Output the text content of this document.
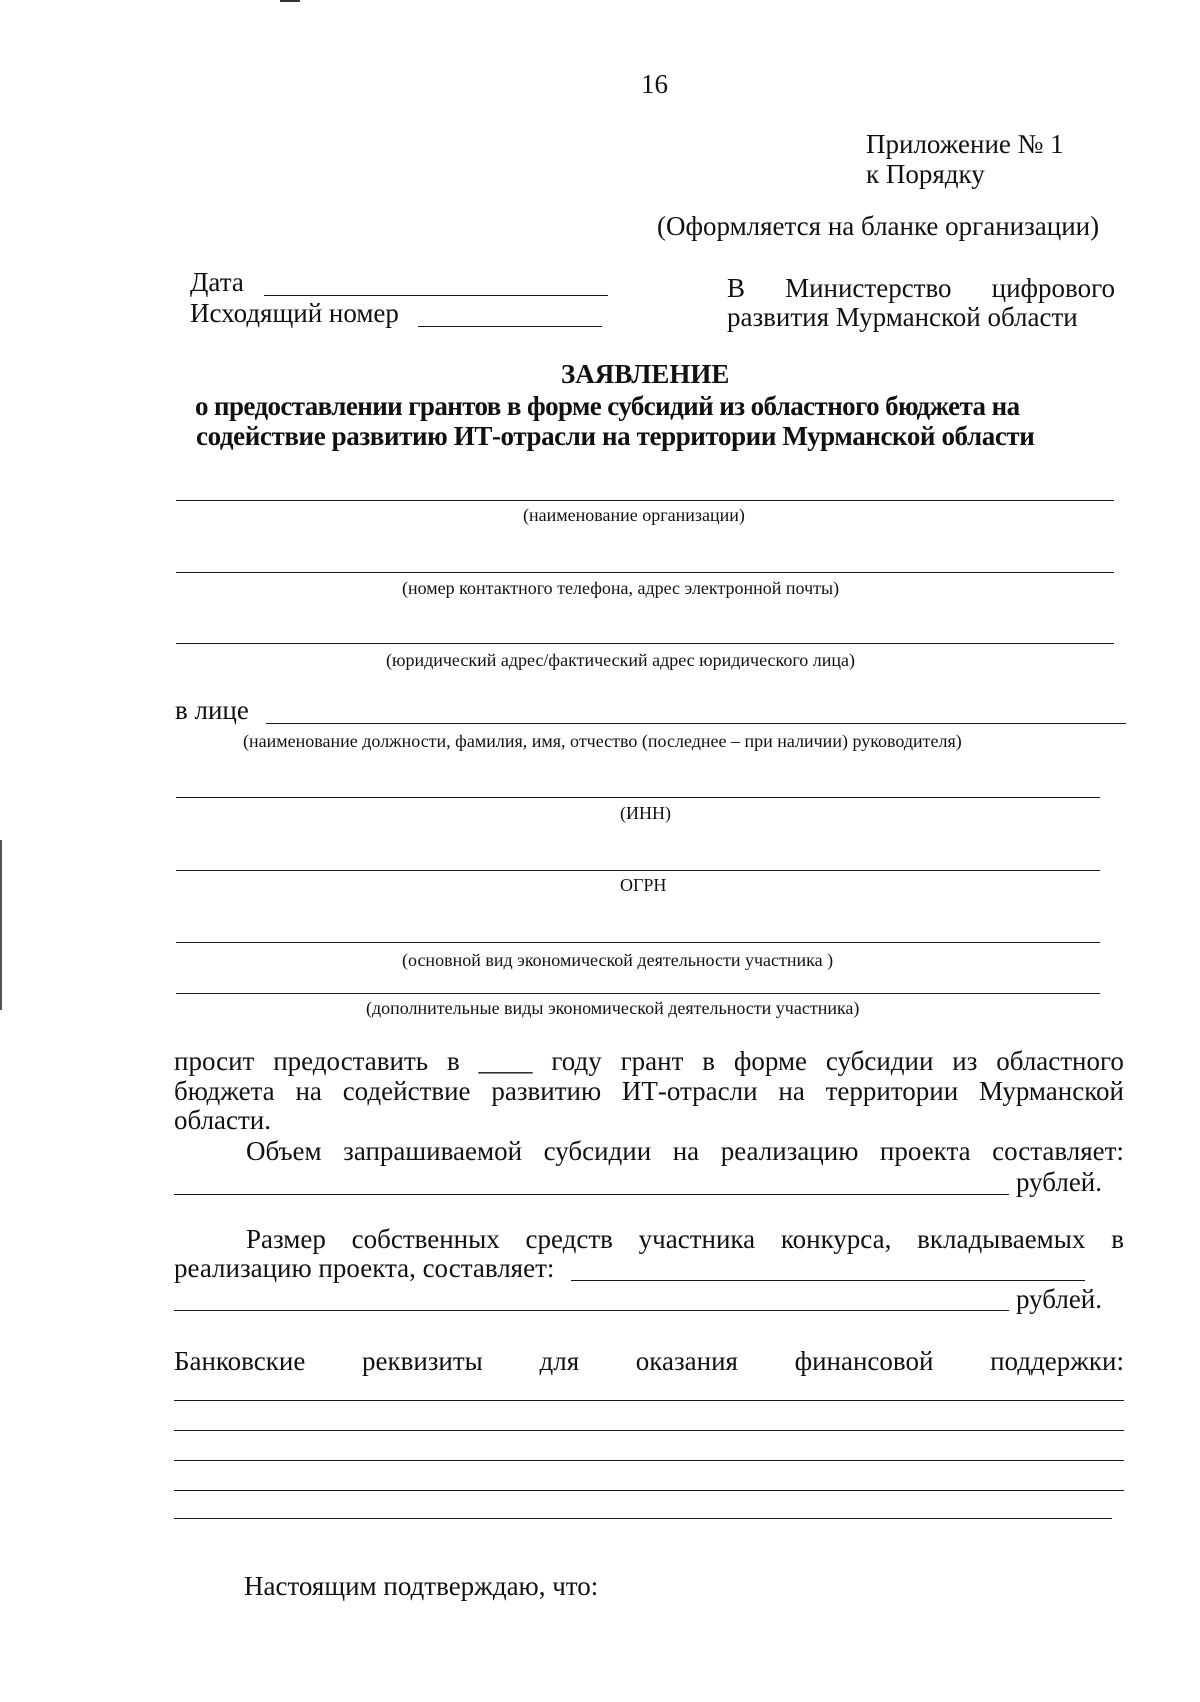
16
Приложение № 1
к Порядку
(Оформляется на бланке организации)
Дата
Исходящий номер
В Министерство цифрового
развития Мурманской области
ЗАЯВЛЕНИЕ
о предоставлении грантов в форме субсидий из областного бюджета на
содействие развитию ИТ-отрасли на территории Мурманской области
(наименование организации)
(номер контактного телефона, адрес электронной почты)
(юридический адрес/фактический адрес юридического лица)
в лице
(наименование должности, фамилия, имя, отчество (последнее – при наличии) руководителя)
(ИНН)
ОГРН
(основной вид экономической деятельности участника )
(дополнительные виды экономической деятельности участника)
просит предоставить в ____ году грант в форме субсидии из областного
бюджета на содействие развитию ИТ-отрасли на территории Мурманской
области.
Объем запрашиваемой субсидии на реализацию проекта составляет:
рублей.
Размер собственных средств участника конкурса, вкладываемых в
реализацию проекта, составляет:
рублей.
Банковские реквизиты для оказания финансовой поддержки:
Настоящим подтверждаю, что:
